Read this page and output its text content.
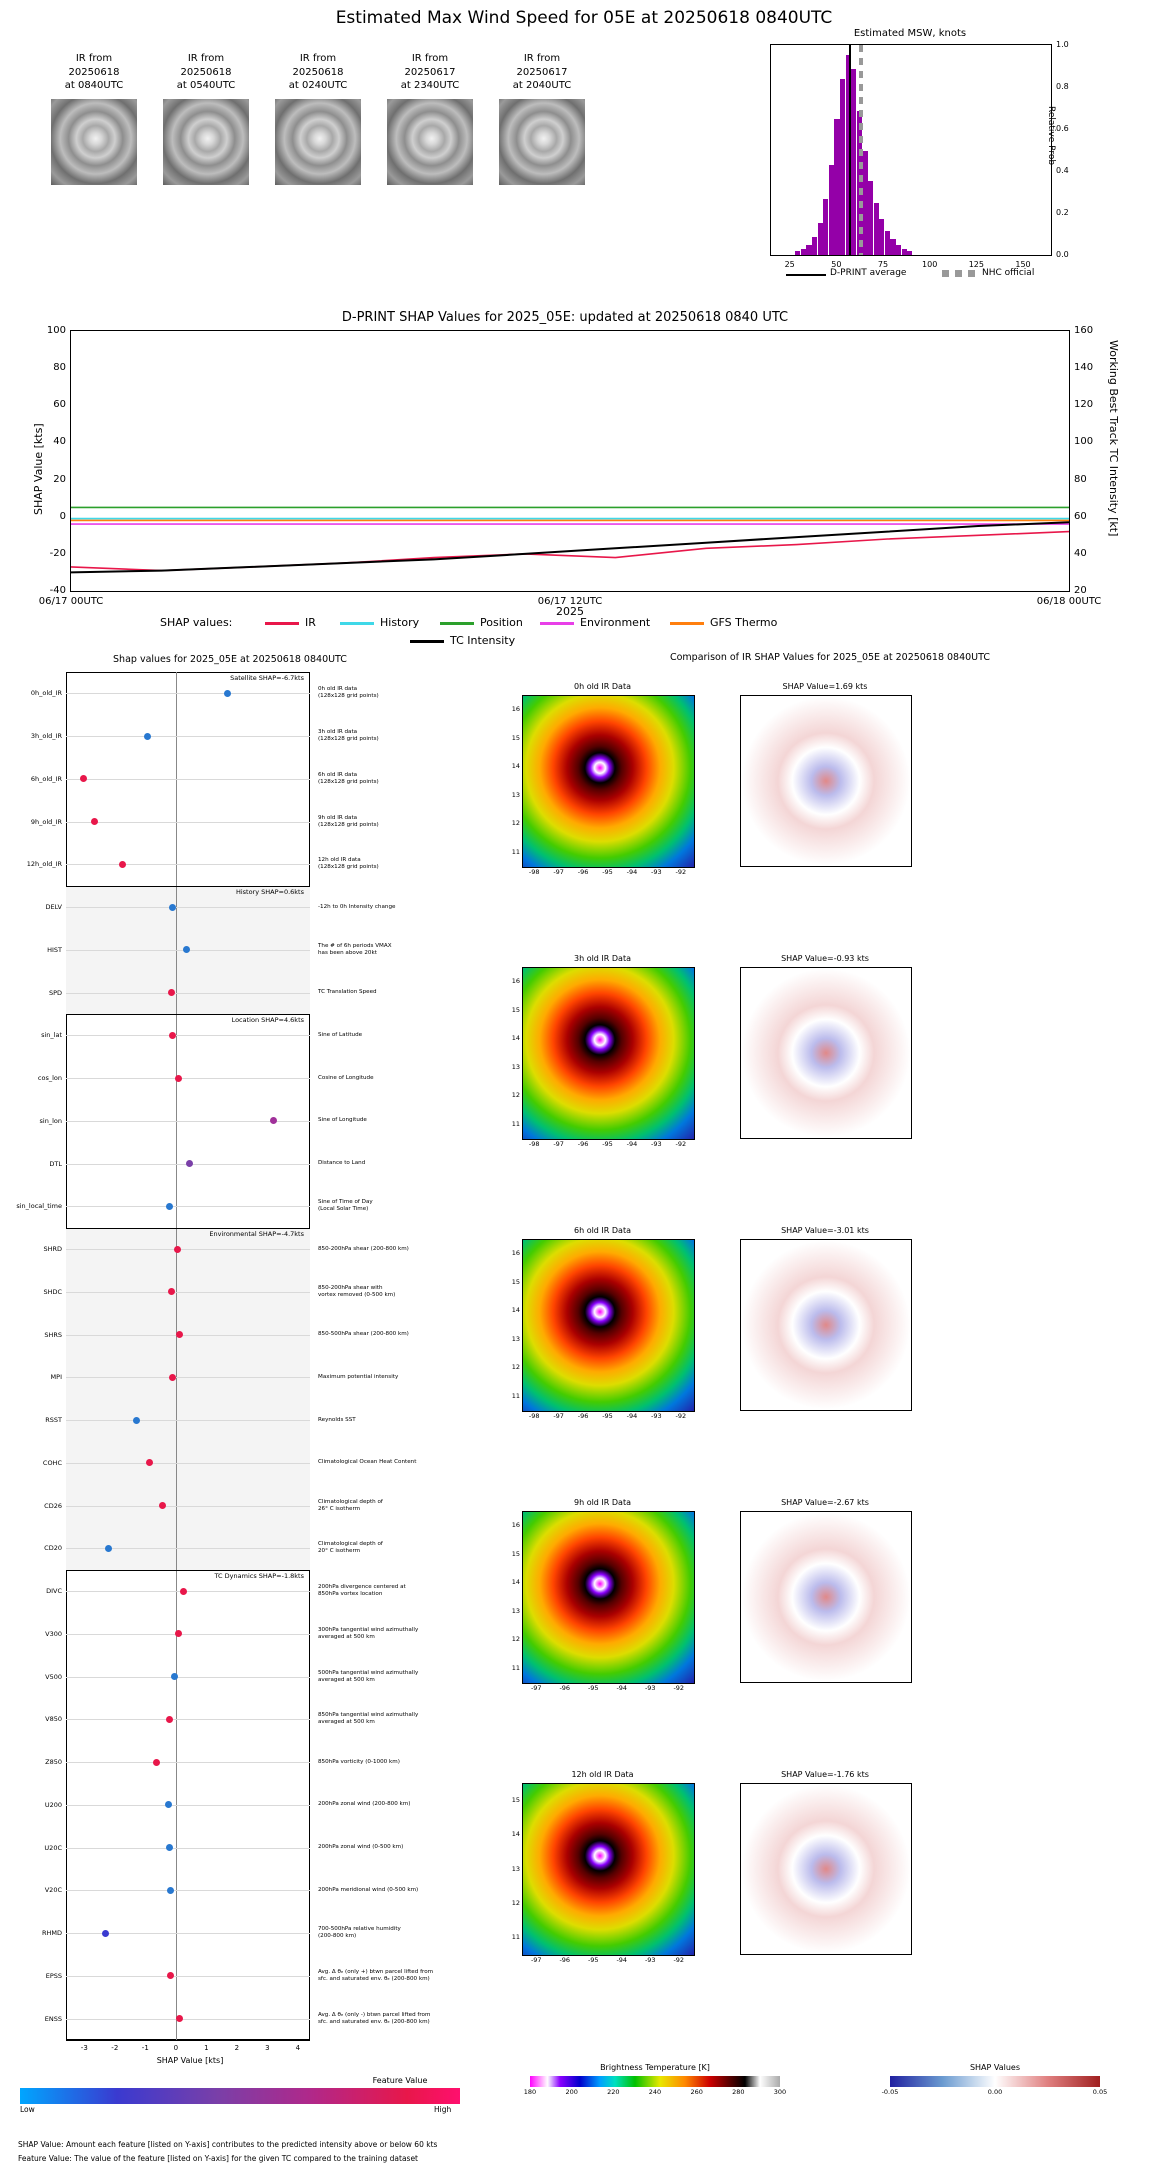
Estimated Max Wind Speed for 05E at 20250618 0840UTC
IR from
20250618
at 0840UTC
IR from
20250618
at 0540UTC
IR from
20250618
at 0240UTC
IR from
20250617
at 2340UTC
IR from
20250617
at 2040UTC
Estimated MSW, knots
25	50	75	100	125	150
0.0
0.2
0.4
0.6
0.8
1.0
Relative Prob
D-PRINT average	NHC official
D-PRINT SHAP Values for 2025_05E: updated at 20250618 0840 UTC
06/17 00UTC	06/17 12UTC	06/18 00UTC
-40
-20
0
20
40
60
80
100
20
40
60
80
100
120
140
160
SHAP Value [kts]	Working Best Track TC Intensity [kt]
2025
SHAP values:	IR	History	Position	Environment	GFS Thermo
TC Intensity
Shap values for 2025_05E at 20250618 0840UTC
Satellite SHAP=-6.7kts
0h_old_IR
3h_old_IR
6h_old_IR
9h_old_IR
12h_old_IR
History SHAP=0.6kts
DELV
HIST
SPD
Location SHAP=4.6kts
sin_lat
cos_lon
sin_lon
DTL
sin_local_time
Environmental SHAP=-4.7kts
SHRD
SHDC
SHRS
MPI
RSST
COHC
CD26
CD20
TC Dynamics SHAP=-1.8kts
DIVC
V300
V500
V850
Z850
U200
U20C
V20C
RHMD
EPSS
ENSS
0h old IR data
(128x128 grid points)
3h old IR data
(128x128 grid points)
6h old IR data
(128x128 grid points)
9h old IR data
(128x128 grid points)
12h old IR data
(128x128 grid points)
-12h to 0h Intensity change
The # of 6h periods VMAX
has been above 20kt
TC Translation Speed
Sine of Latitude
Cosine of Longitude
Sine of Longitude
Distance to Land
Sine of Time of Day
(Local Solar Time)
850-200hPa shear (200-800 km)
850-200hPa shear with
vortex removed (0-500 km)
850-500hPa shear (200-800 km)
Maximum potential intensity
Reynolds SST
Climatological Ocean Heat Content
Climatological depth of
26° C isotherm
Climatological depth of
20° C isotherm
200hPa divergence centered at
850hPa vortex location
300hPa tangential wind azimuthally
averaged at 500 km
500hPa tangential wind azimuthally
averaged at 500 km
850hPa tangential wind azimuthally
averaged at 500 km
850hPa vorticity (0-1000 km)
200hPa zonal wind (200-800 km)
200hPa zonal wind (0-500 km)
200hPa meridional wind (0-500 km)
700-500hPa relative humidity
(200-800 km)
Avg. Δ θₑ (only +) btwn parcel lifted from
sfc. and saturated env. θₑ (200-800 km)
Avg. Δ θₑ (only -) btwn parcel lifted from
sfc. and saturated env. θₑ (200-800 km)
-3	-2	-1	0	1	2	3	4
SHAP Value [kts]
Feature Value
Low	High
SHAP Value: Amount each feature [listed on Y-axis] contributes to the predicted intensity above or below 60 kts
Feature Value: The value of the feature [listed on Y-axis] for the given TC compared to the training dataset
Comparison of IR SHAP Values for 2025_05E at 20250618 0840UTC
0h old IR Data
-98	-97	-96	-95	-94	-93	-92
11
12
13
14
15
16
SHAP Value=1.69 kts
3h old IR Data
-98	-97	-96	-95	-94	-93	-92
11
12
13
14
15
16
SHAP Value=-0.93 kts
6h old IR Data
-98	-97	-96	-95	-94	-93	-92
11
12
13
14
15
16
SHAP Value=-3.01 kts
9h old IR Data
-97	-96	-95	-94	-93	-92
11
12
13
14
15
16
SHAP Value=-2.67 kts
12h old IR Data
-97	-96	-95	-94	-93	-92
11
12
13
14
15
SHAP Value=-1.76 kts
Brightness Temperature [K]
180	200	220	240	260	280	300
SHAP Values
-0.05	0.00	0.05
